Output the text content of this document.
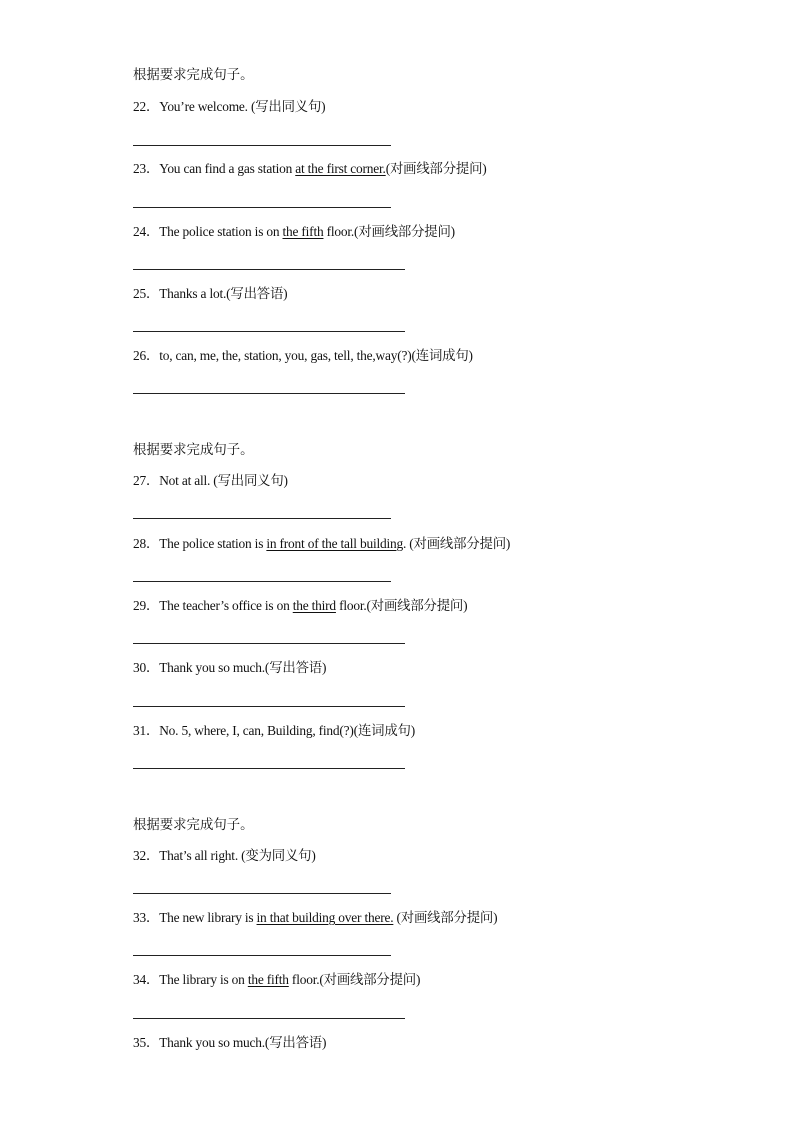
根据要求完成句子。
22．You’re welcome. (写出同义句)
23．You can find a gas station at the first corner.(对画线部分提问)
24．The police station is on the fifth floor.(对画线部分提问)
25．Thanks a lot.(写出答语)
26．to, can, me, the, station, you, gas, tell, the,way(?)(连词成句)
根据要求完成句子。
27．Not at all. (写出同义句)
28．The police station is in front of the tall building. (对画线部分提问)
29．The teacher’s office is on the third floor.(对画线部分提问)
30．Thank you so much.(写出答语)
31．No. 5, where, I, can, Building, find(?)(连词成句)
根据要求完成句子。
32．That’s all right. (变为同义句)
33．The new library is in that building over there. (对画线部分提问)
34．The library is on the fifth floor.(对画线部分提问)
35．Thank you so much.(写出答语)
